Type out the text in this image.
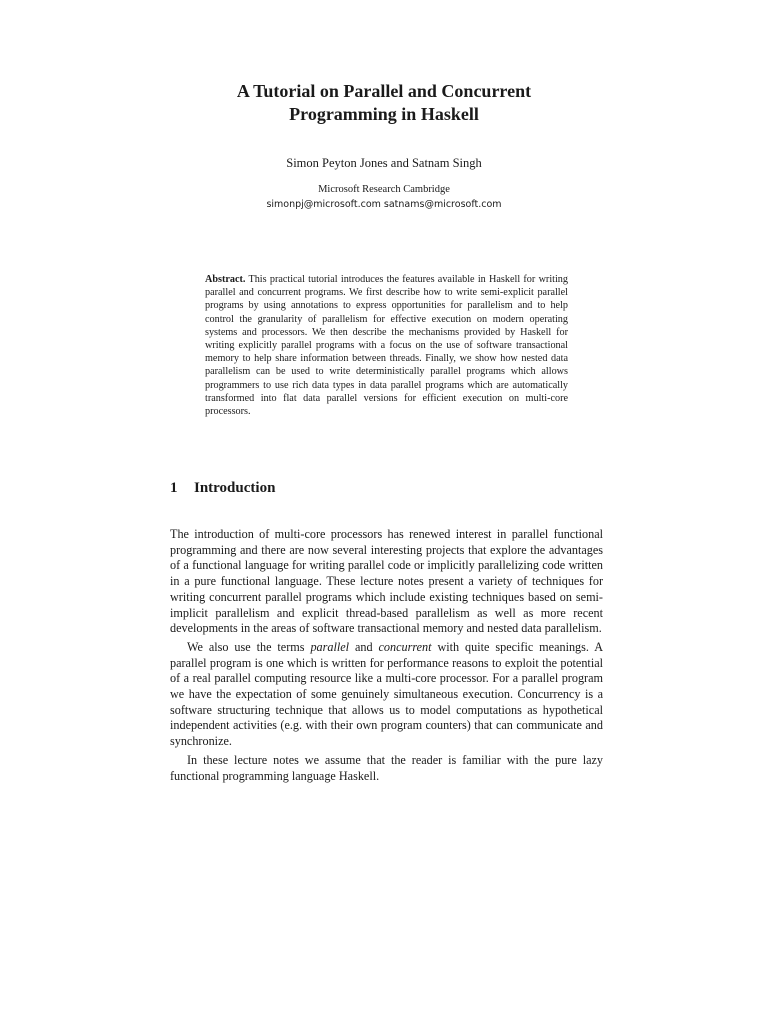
A Tutorial on Parallel and Concurrent
Programming in Haskell
Simon Peyton Jones and Satnam Singh
Microsoft Research Cambridge
simonpj@microsoft.com satnams@microsoft.com
Abstract. This practical tutorial introduces the features available in Haskell for writing parallel and concurrent programs. We first describe how to write semi-explicit parallel programs by using annotations to express opportunities for parallelism and to help control the granularity of parallelism for effective execution on modern operating systems and processors. We then describe the mechanisms provided by Haskell for writing explicitly parallel programs with a focus on the use of software transactional memory to help share information between threads. Finally, we show how nested data parallelism can be used to write deterministically parallel programs which allows programmers to use rich data types in data parallel programs which are automatically transformed into flat data parallel versions for efficient execution on multi-core processors.
1 Introduction

The introduction of multi-core processors has renewed interest in parallel functional programming and there are now several interesting projects that explore the advantages of a functional language for writing parallel code or implicitly parallelizing code written in a pure functional language. These lecture notes present a variety of techniques for writing concurrent parallel programs which include existing techniques based on semi-implicit parallelism and explicit thread-based parallelism as well as more recent developments in the areas of software transactional memory and nested data parallelism.

We also use the terms parallel and concurrent with quite specific meanings. A parallel program is one which is written for performance reasons to exploit the potential of a real parallel computing resource like a multi-core processor. For a parallel program we have the expectation of some genuinely simultaneous execution. Concurrency is a software structuring technique that allows us to model computations as hypothetical independent activities (e.g. with their own program counters) that can communicate and synchronize.

In these lecture notes we assume that the reader is familiar with the pure lazy functional programming language Haskell.
